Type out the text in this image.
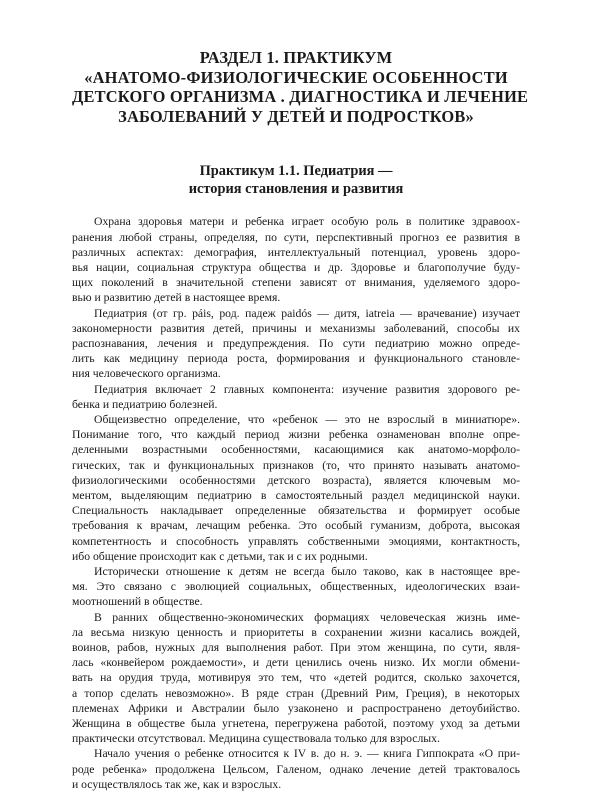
РАЗДЕЛ 1. ПРАКТИКУМ
«АНАТОМО-ФИЗИОЛОГИЧЕСКИЕ ОСОБЕННОСТИ
ДЕТСКОГО ОРГАНИЗМА . ДИАГНОСТИКА И ЛЕЧЕНИЕ
ЗАБОЛЕВАНИЙ У ДЕТЕЙ И ПОДРОСТКОВ»
Практикум 1.1. Педиатрия —
история становления и развития

Охрана здоровья матери и ребенка играет особую роль в политике здравоох-
ранения любой страны, определяя, по сути, перспективный прогноз ее развития в
различных аспектах: демография, интеллектуальный потенциал, уровень здоро-
вья нации, социальная структура общества и др. Здоровье и благополучие буду-
щих поколений в значительной степени зависят от внимания, уделяемого здоро-
вью и развитию детей в настоящее время.

Педиатрия (от гр. páis, род. падеж paidós — дитя, iatreia — врачевание) изучает
закономерности развития детей, причины и механизмы заболеваний, способы их
распознавания, лечения и предупреждения. По сути педиатрию можно опреде-
лить как медицину периода роста, формирования и функционального становле-
ния человеческого организма.

Педиатрия включает 2 главных компонента: изучение развития здорового ре-
бенка и педиатрию болезней.

Общеизвестно определение, что «ребенок — это не взрослый в миниатюре».
Понимание того, что каждый период жизни ребенка ознаменован вполне опре-
деленными возрастными особенностями, касающимися как анатомо-морфоло-
гических, так и функциональных признаков (то, что принято называть анатомо-
физиологическими особенностями детского возраста), является ключевым мо-
ментом, выделяющим педиатрию в самостоятельный раздел медицинской науки.
Специальность накладывает определенные обязательства и формирует особые
требования к врачам, лечащим ребенка. Это особый гуманизм, доброта, высокая
компетентность и способность управлять собственными эмоциями, контактность,
ибо общение происходит как с детьми, так и с их родными.

Исторически отношение к детям не всегда было таково, как в настоящее вре-
мя. Это связано с эволюцией социальных, общественных, идеологических взаи-
моотношений в обществе.

В ранних общественно-экономических формациях человеческая жизнь име-
ла весьма низкую ценность и приоритеты в сохранении жизни касались вождей,
воинов, рабов, нужных для выполнения работ. При этом женщина, по сути, явля-
лась «конвейером рождаемости», и дети ценились очень низко. Их могли обмени-
вать на орудия труда, мотивируя это тем, что «детей родится, сколько захочется,
а топор сделать невозможно». В ряде стран (Древний Рим, Греция), в некоторых
племенах Африки и Австралии было узаконено и распространено детоубийство.
Женщина в обществе была угнетена, перегружена работой, поэтому уход за детьми
практически отсутствовал. Медицина существовала только для взрослых.

Начало учения о ребенке относится к IV в. до н. э. — книга Гиппократа «О при-
роде ребенка» продолжена Цельсом, Галеном, однако лечение детей трактовалось
и осуществлялось так же, как и взрослых.
